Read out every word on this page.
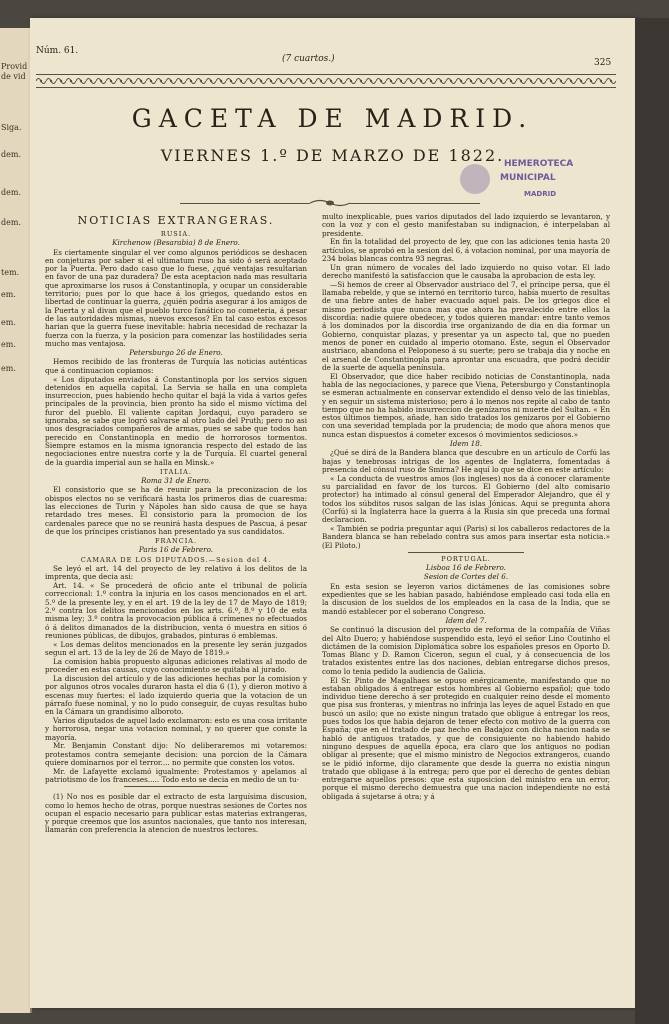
Provid
de vid
Siga.
dem.
dem.
dem.
tem.
em.
em.
em.
em.
Núm. 61.
(7 cuartos.)	325
GACETA DE MADRID.
VIERNES 1.º DE MARZO DE 1822. HEMEROTECA
MUNICIPAL
MADRID

NOTICIAS EXTRANGERAS.

RUSIA.

Kirchenow (Besarabia) 8 de Enero.

Es ciertamente singular el ver como algunos periódicos se deshacen en conjeturas por saber si el ultimatum ruso ha sido ó será aceptado por la Puerta. Pero dado caso que lo fuese, ¿qué ventajas resultarian en favor de una paz duradera? De esta aceptacion nada mas resultaria que aproximarse los rusos á Constantinopla, y ocupar un considerable territorio; pues por lo que hace á los griegos, quedando estos en libertad de continuar la guerra, ¿quién podria asegurar á los amigos de la Puerta y al divan que el pueblo turco fanático no cometeria, á pesar de las autoridades mismas, nuevos excesos? En tal caso estos excesos harian que la guerra fuese inevitable: habria necesidad de rechazar la fuerza con la fuerza, y la posicion para comenzar las hostilidades seria mucho mas ventajosa.

Petersburgo 26 de Enero.

Hemos recibido de las fronteras de Turquía las noticias auténticas que á continuacion copiamos:

« Los diputados enviados á Constantinopla por los servios siguen detenidos en aquella capital. La Servia se halla en una completa insurreccion, pues habiendo hecho quitar el bajá la vida á varios gefes principales de la provincia, bien pronto ha sido el mismo víctima del furor del pueblo. El valiente capitan Jordaqui, cuyo paradero se ignoraba, se sabe que logró salvarse al otro lado del Pruth; pero no asi unos desgraciados compañeros de armas, pues se sabe que todos han perecido en Constantinopla en medio de horrorosos tormentos. Siempre estamos en la misma ignorancia respecto del estado de las negociaciones entre nuestra corte y la de Turquía. El cuartel general de la guardia imperial aun se halla en Minsk.»

ITALIA.

Roma 31 de Enero.

El consistorio que se ha de reunir para la preconizacion de los obispos electos no se verificará hasta los primeros dias de cuaresma: las elecciones de Turin y Nápoles han sido causa de que se haya retardado tres meses. El consistorio para la promocion de los cardenales parece que no se reunirá hasta despues de Pascua, á pesar de que los príncipes cristianos han presentado ya sus candidatos.

FRANCIA.

Paris 16 de Febrero.

CAMARA DE LOS DIPUTADOS.—Sesion del 4.

Se leyó el art. 14 del proyecto de ley relativo á los delitos de la imprenta, que decia asi:

Art. 14. « Se procederá de oficio ante el tribunal de policía correccional: 1.º contra la injuria en los casos mencionados en el art. 5.º de la presente ley, y en el art. 19 de la ley de 17 de Mayo de 1819; 2.º contra los delitos mencionados en los arts. 6.º, 8.º y 10 de esta misma ley; 3.º contra la provocacion pública á crímenes no efectuados ó á delitos dimanados de la distribucion, venta ó muestra en sitios ó reuniones públicas, de dibujos, grabados, pinturas ó emblemas.

« Los demas delitos mencionados en la presente ley serán juzgados segun el art. 13 de la ley de 26 de Mayo de 1819.»

La comision habia propuesto algunas adiciones relativas al modo de proceder en estas causas, cuyo conocimiento se quitaba al jurado.

La discusion del artículo y de las adiciones hechas por la comision y por algunos otros vocales duraron hasta el dia 6 (1), y dieron motivo á escenas muy fuertes: el lado izquierdo queria que la votacion de un párrafo fuese nominal, y no lo pudo conseguir, de cuyas resultas hubo en la Cámara un grandísimo alboroto.

Varios diputados de aquel lado exclamaron: esto es una cosa irritante y horrorosa, negar una votacion nominal, y no querer que conste la mayoría.

Mr. Benjamin Constant dijo: No deliberaremos mi votaremos: protestamos contra semejante decision: una porcion de la Cámara quiere dominarnos por el terror.... no permite que consten los votos.

Mr. de Lafayette exclamó igualmente: Protestamos y apelamos al patriotismo de los franceses..... Todo esto se decia en medio de un tu-

(1) No nos es posible dar el extracto de esta larguísima discusion, como lo hemos hecho de otras, porque nuestras sesiones de Cortes nos ocupan el espacio necesario para publicar estas materias extrangeras, y porque creemos que los asuntos nacionales, que tanto nos interesan, llamarán con preferencia la atencion de nuestros lectores.

multo inexplicable, pues varios diputados del lado izquierdo se levantaron, y con la voz y con el gesto manifestaban su indignacion, é interpelaban al presidente.

En fin la totalidad del proyecto de ley, que con las adiciones tenia hasta 20 artículos, se aprobó en la sesion del 6, á votacion nominal, por una mayoría de 234 bolas blancas contra 93 negras.

Un gran número de vocales del lado izquierdo no quiso votar. El lado derecho manifestó la satisfaccion que le causaba la aprobacion de esta ley.

—Si hemos de creer al Observador austriaco del 7, el príncipe persa, que él llamaba rebelde, y que se internó en territorio turco, había muerto de resultas de una fiebre antes de haber evacuado aquel pais. De los griegos dice el mismo periodista que nunca mas que ahora ha prevalecido entre ellos la discordia: nadie quiere obedecer, y todos quieren mandar: entre tanto vemos á los dominados por la discordia irse organizando de dia en dia formar un Gobierno, conquistar plazas, y presentar ya un aspecto tal, que no pueden menos de poner en cuidado al imperio otomano. Este, segun el Observador austriaco, abandona el Peloponeso á su suerte; pero se trabaja dia y noche en el arsenal de Constantinopla para aprontar una escuadra, que podrá decidir de la suerte de aquella península.

El Observador, que dice haber recibido noticias de Constantinopla, nada habla de las negociaciones, y parece que Viena, Petersburgo y Constantinopla se esmeran actualmente en conservar extendido el denso velo de las tinieblas, y en seguir un sistema misterioso; pero á lo menos nos repite al cabo de tanto tiempo que no ha habido insurreccion de genízaros ni muerte del Sultan. « En estos últimos tiempos, añade, han sido tratados los genízaros por el Gobierno con una severidad templada por la prudencia; de modo que ahora menos que nunca estan dispuestos á cometer excesos ó movimientos sediciosos.»

Idem 18.

¿Qué se dirá de la Bandera blanca que descubre en un artículo de Corfú las bajas y tenebrosas intrigas de los agentes de Inglaterra, fomentadas á presencia del cónsul ruso de Smirna? He aquí lo que se dice en este artículo:

« La conducta de vuestros amos (los ingleses) nos da á conocer claramente su parcialidad en favor de los turcos. El Gobierno (del alto comisario protector) ha intimado al cónsul general del Emperador Alejandro, que él y todos los súbditos rusos salgan de las islas Jónicas. Aqui se pregunta ahora (Corfú) si la Inglaterra hace la guerra á la Rusia sin que preceda una formal declaracion.

« También se podria preguntar aqui (Paris) si los caballeros redactores de la Bandera blanca se han rebelado contra sus amos para insertar esta noticia.» (El Piloto.)

PORTUGAL.

Lisboa 16 de Febrero.

Sesion de Cortes del 6.

En esta sesion se leyeron varios dictámenes de las comisiones sobre expedientes que se les habian pasado, habiéndose empleado casi toda ella en la discusion de los sueldos de los empleados en la casa de la India, que se mandó establecer por el soberano Congreso.

Idem del 7.

Se continuó la discusion del proyecto de reforma de la compañía de Viñas del Alto Duero; y habiéndose suspendido esta, leyó el señor Lino Coutinho el dictámen de la comision Diplomática sobre los españoles presos en Oporto D. Tomas Blanc y D. Ramon Ciceron, segun el cual, y á consecuencia de los tratados existentes entre las dos naciones, debian entregarse dichos presos, como lo tenia pedido la audiencia de Galicia.

El Sr. Pinto de Magalhaes se opuso enérgicamente, manifestando que no estaban obligados á entregar estos hombres al Gobierno español; que todo individuo tiene derecho á ser protegido en cualquier reino desde el momento que pisa sus fronteras, y mientras no infrinja las leyes de aquel Estado en que buscó un asilo; que no existe ningun tratado que obligue á entregar los reos, pues todos los que habia dejaron de tener efecto con motivo de la guerra con España; que en el tratado de paz hecho en Badajoz con dicha nacion nada se habló de antiguos tratados, y que de consiguiente no habiendo habido ninguno despues de aquella época, era claro que los antiguos no podian obligar al presente; que el mismo ministro de Negocios extrangeros, cuando se le pidió informe, dijo claramente que desde la guerra no existia ningun tratado que obligase á la entrega; pero que por el derecho de gentes debian entregarse aquellos presos: que esta suposicion del ministro era un error, porque el mismo derecho demuestra que una nacion independiente no está obligada á sujetarse á otra; y á
